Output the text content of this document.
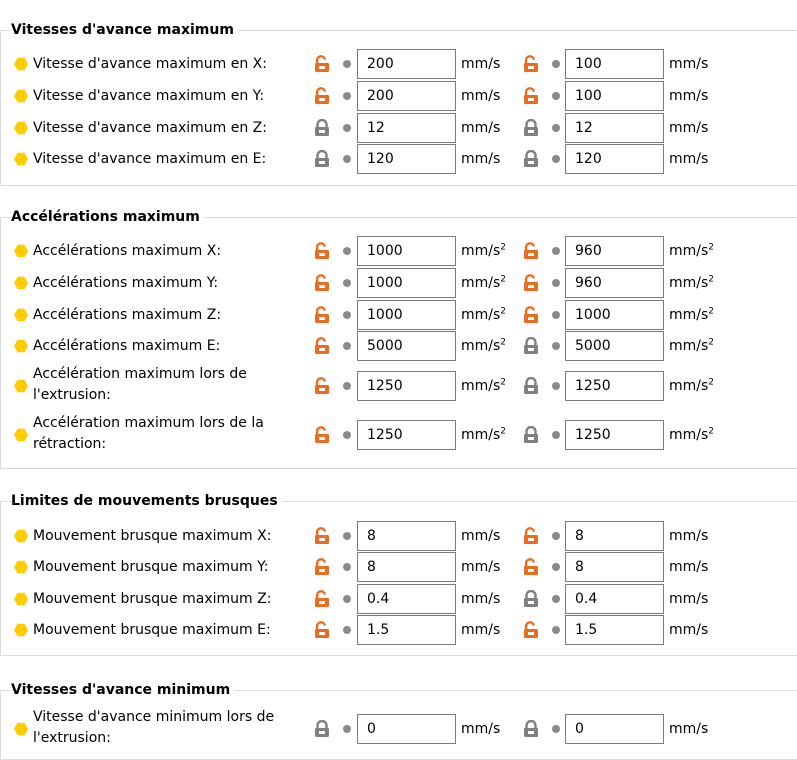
Vitesses d'avance maximum
Vitesse d'avance maximum en X:	200	mm/s	100	mm/s
Vitesse d'avance maximum en Y:	200	mm/s	100	mm/s
Vitesse d'avance maximum en Z:	12	mm/s	12	mm/s
Vitesse d'avance maximum en E:	120	mm/s	120	mm/s
Accélérations maximum
Accélérations maximum X:	1000	$mm/s^2$	960	$mm/s^2$
Accélérations maximum Y:	1000	$mm/s^2$	960	$mm/s^2$
Accélérations maximum Z:	1000	$mm/s^2$	1000	$mm/s^2$
Accélérations maximum E:	5000	$mm/s^2$	5000	$mm/s^2$
Accélération maximum lors de l'extrusion:
1250	$mm/s^2$	1250	$mm/s^2$
Accélération maximum lors de la rétraction:
1250	$mm/s^2$	1250	$mm/s^2$
Limites de mouvements brusques
Mouvement brusque maximum X:	8	mm/s	8	mm/s
Mouvement brusque maximum Y:	8	mm/s	8	mm/s
Mouvement brusque maximum Z:	0.4	mm/s	0.4	mm/s
Mouvement brusque maximum E:	1.5	mm/s	1.5	mm/s
Vitesses d'avance minimum
Vitesse d'avance minimum lors de l'extrusion:
0	mm/s	0	mm/s
